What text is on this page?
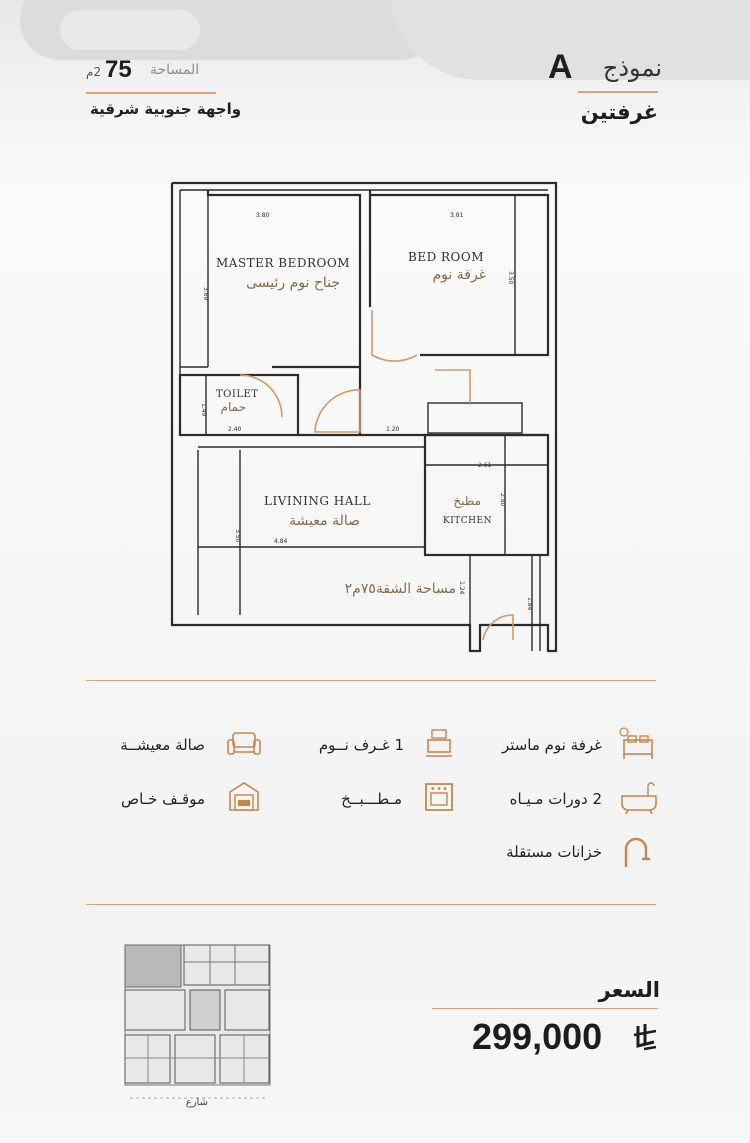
نموذج
A
غرفتين
المساحة
75
2م
واجهة جنوبية شرقية
3.80	3.81
3.69
3.50
1.49
2.40	1.20
2.61
2.50
3.50	4.84
1.24
1.84
MASTER BEDROOM
جناح نوم رئيسى
BED ROOM
غرفة نوم
TOILET
حمام
LIVINING HALL
صالة معيشة
مطبخ
KITCHEN
مساحة الشقة٧٥م٢
غرفة نوم ماستر
1 غـرف نــوم
صالة معيشــة
2 دورات مـيـاه
مـطـــبــخ
موقـف خـاص
خزانات مستقلة
شارع
السعر
299,000
